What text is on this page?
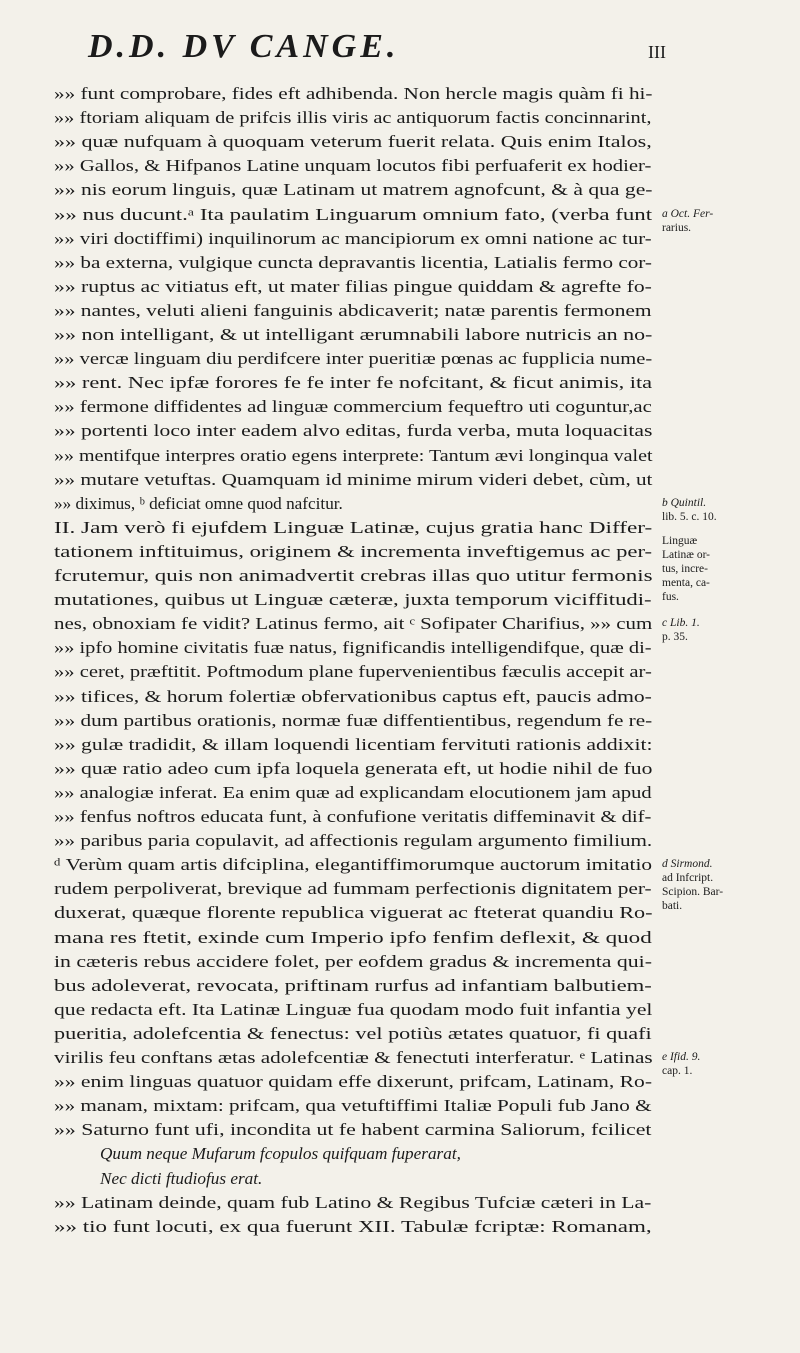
D.D. DV CANGE.	III
»» funt comprobare, fides eft adhibenda. Non hercle magis quàm fi hi-
»» ftoriam aliquam de prifcis illis viris ac antiquorum factis concinnarint,
»» quæ nufquam à quoquam veterum fuerit relata. Quis enim Italos,
»» Gallos, & Hifpanos Latine unquam locutos fibi perfuaferit ex hodier-
»» nis eorum linguis, quæ Latinam ut matrem agnofcunt, & à qua ge-
»» nus ducunt.ᵃ Ita paulatim Linguarum omnium fato, (verba funt
»» viri doctiffimi) inquilinorum ac mancipiorum ex omni natione ac tur-
»» ba externa, vulgique cuncta depravantis licentia, Latialis fermo cor-
»» ruptus ac vitiatus eft, ut mater filias pingue quiddam & agrefte fo-
»» nantes, veluti alieni fanguinis abdicaverit; natæ parentis fermonem
»» non intelligant, & ut intelligant ærumnabili labore nutricis an no-
»» vercæ linguam diu perdifcere inter pueritiæ pœnas ac fupplicia nume-
»» rent. Nec ipfæ forores fe fe inter fe nofcitant, & ficut animis, ita
»» fermone diffidentes ad linguæ commercium fequeftro uti coguntur,ac
»» portenti loco inter eadem alvo editas, furda verba, muta loquacitas
»» mentifque interpres oratio egens interprete: Tantum ævi longinqua valet
»» mutare vetuftas. Quamquam id minime mirum videri debet, cùm, ut
»» diximus, ᵇ deficiat omne quod nafcitur.
II. Jam verò fi ejufdem Linguæ Latinæ, cujus gratia hanc Differ-
tationem inftituimus, originem & incrementa inveftigemus ac per-
fcrutemur, quis non animadvertit crebras illas quo utitur fermonis
mutationes, quibus ut Linguæ cæteræ, juxta temporum viciffitudi-
nes, obnoxiam fe vidit? Latinus fermo, ait ᶜ Sofipater Charifius, »» cum
»» ipfo homine civitatis fuæ natus, fignificandis intelligendifque, quæ di-
»» ceret, præftitit. Poftmodum plane fupervenientibus fæculis accepit ar-
»» tifices, & horum folertiæ obfervationibus captus eft, paucis admo-
»» dum partibus orationis, normæ fuæ diffentientibus, regendum fe re-
»» gulæ tradidit, & illam loquendi licentiam fervituti rationis addixit:
»» quæ ratio adeo cum ipfa loquela generata eft, ut hodie nihil de fuo
»» analogiæ inferat. Ea enim quæ ad explicandam elocutionem jam apud
»» fenfus noftros educata funt, à confufione veritatis diffeminavit & dif-
»» paribus paria copulavit, ad affectionis regulam argumento fimilium.
ᵈ Verùm quam artis difciplina, elegantiffimorumque auctorum imitatio
rudem perpoliverat, brevique ad fummam perfectionis dignitatem per-
duxerat, quæque florente republica viguerat ac fteterat quandiu Ro-
mana res ftetit, exinde cum Imperio ipfo fenfim deflexit, & quod
in cæteris rebus accidere folet, per eofdem gradus & incrementa qui-
bus adoleverat, revocata, priftinam rurfus ad infantiam balbutiem-
que redacta eft. Ita Latinæ Linguæ fua quodam modo fuit infantia yel
pueritia, adolefcentia & fenectus: vel potiùs ætates quatuor, fi quafi
virilis feu conftans ætas adolefcentiæ & fenectuti interferatur. ᵉ Latinas
»» enim linguas quatuor quidam effe dixerunt, prifcam, Latinam, Ro-
»» manam, mixtam: prifcam, qua vetuftiffimi Italiæ Populi fub Jano &
»» Saturno funt ufi, incondita ut fe habent carmina Saliorum, fcilicet
Quum neque Mufarum fcopulos quifquam fuperarat,
Nec dicti ftudiofus erat.
»» Latinam deinde, quam fub Latino & Regibus Tufciæ cæteri in La-
»» tio funt locuti, ex qua fuerunt XII. Tabulæ fcriptæ: Romanam,
a Oct. Fer-
rarius.
b Quintil.
lib. 5. c. 10.
Linguæ
Latinæ or-
tus, incre-
menta, ca-
fus.
c Lib. 1.
p. 35.
d Sirmond.
ad Infcript.
Scipion. Bar-
bati.
e Ifid. 9.
cap. 1.
